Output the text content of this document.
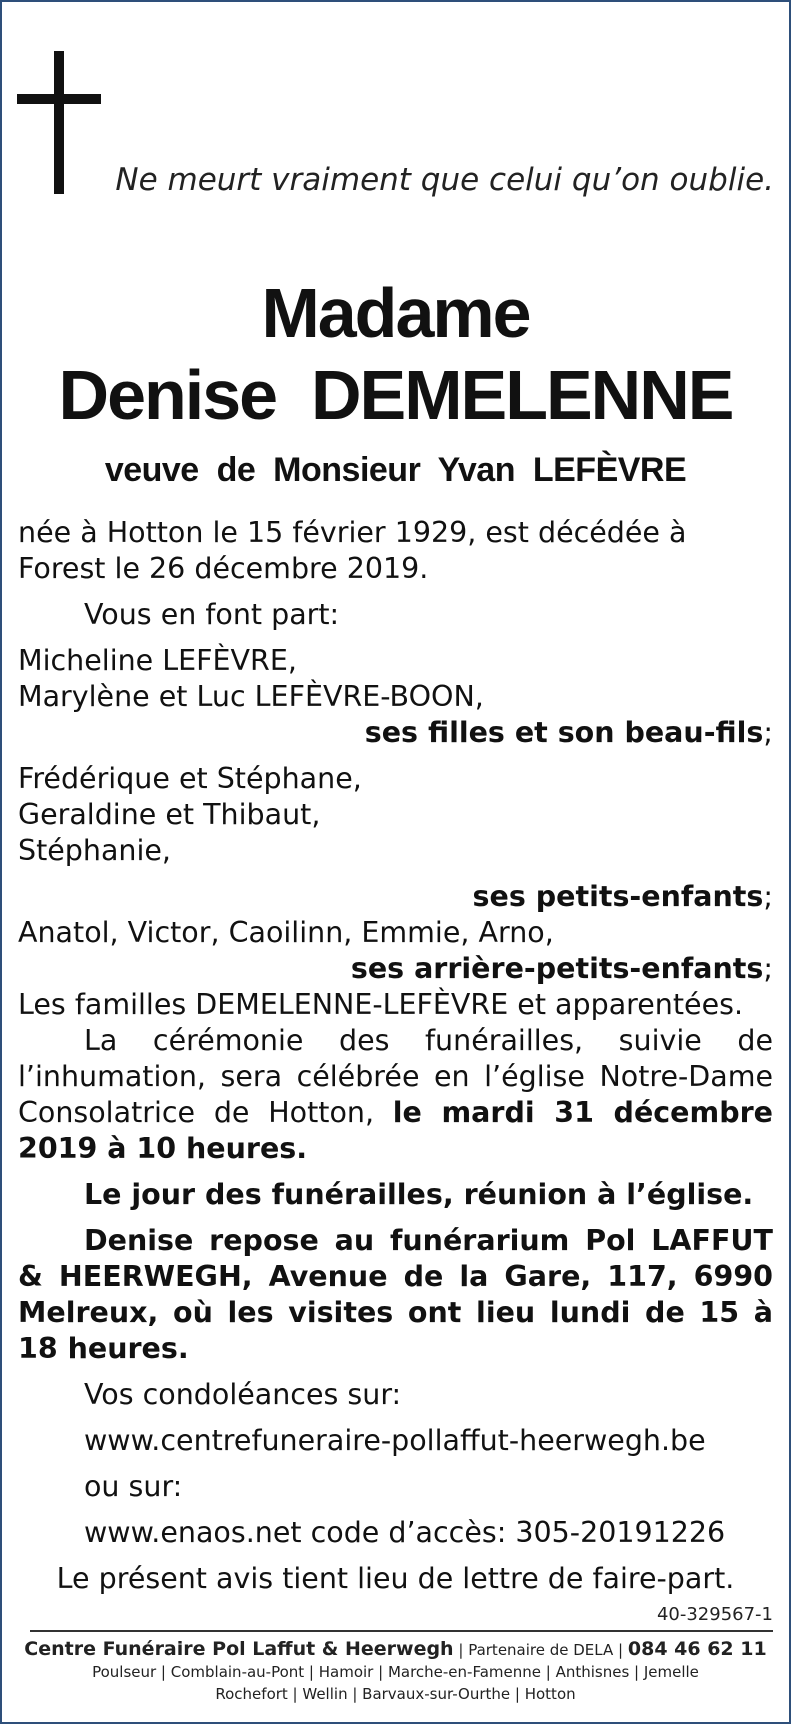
Ne meurt vraiment que celui qu’on oublie.
Madame
Denise  DEMELENNE
veuve  de  Monsieur  Yvan  LEFÈVRE

née à Hotton le 15 février 1929, est décédée à Forest le 26 décembre 2019.

Vous en font part:

Micheline LEFÈVRE,

Marylène et Luc LEFÈVRE-BOON,

ses filles et son beau-fils;

Frédérique et Stéphane,

Geraldine et Thibaut,

Stéphanie,

ses petits-enfants;

Anatol, Victor, Caoilinn, Emmie, Arno,

ses arrière-petits-enfants;

Les familles DEMELENNE-LEFÈVRE et apparentées.

La cérémonie des funérailles, suivie de l’inhumation, sera célébrée en l’église Notre-Dame Consolatrice de Hotton, le mardi 31 décembre 2019 à 10 heures.

Le jour des funérailles, réunion à l’église.

Denise repose au funérarium Pol LAFFUT & HEERWEGH, Avenue de la Gare, 117, 6990 Melreux, où les visites ont lieu lundi de 15 à 18 heures.

Vos condoléances sur:

www.centrefuneraire-pollaffut-heerwegh.be

ou sur:

www.enaos.net code d’accès: 305-20191226

Le présent avis tient lieu de lettre de faire-part.

40-329567-1
Centre Funéraire Pol Laffut & Heerwegh | Partenaire de DELA | 084 46 62 11
Poulseur | Comblain-au-Pont | Hamoir | Marche-en-Famenne | Anthisnes | Jemelle
Rochefort | Wellin | Barvaux-sur-Ourthe | Hotton
